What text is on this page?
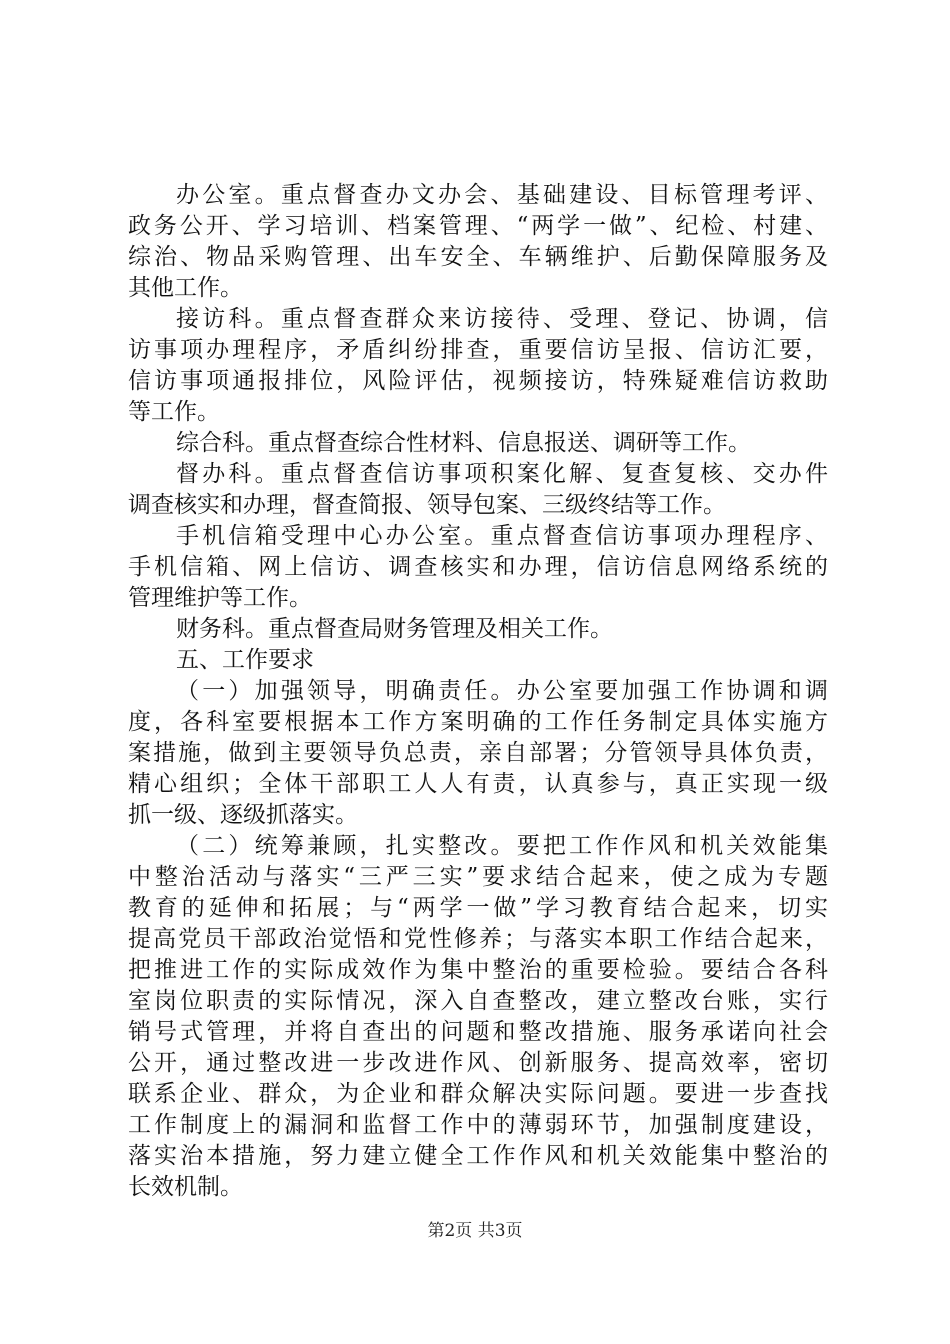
办公室。重点督查办文办会、基础建设、目标管理考评、
政务公开、学习培训、档案管理、“两学一做”、纪检、村建、
综治、物品采购管理、出车安全、车辆维护、后勤保障服务及
其他工作。
接访科。重点督查群众来访接待、受理、登记、协调，信
访事项办理程序，矛盾纠纷排查，重要信访呈报、信访汇要，
信访事项通报排位，风险评估，视频接访，特殊疑难信访救助
等工作。
综合科。重点督查综合性材料、信息报送、调研等工作。
督办科。重点督查信访事项积案化解、复查复核、交办件
调查核实和办理，督查简报、领导包案、三级终结等工作。
手机信箱受理中心办公室。重点督查信访事项办理程序、
手机信箱、网上信访、调查核实和办理，信访信息网络系统的
管理维护等工作。
财务科。重点督查局财务管理及相关工作。
五、工作要求
（一）加强领导，明确责任。办公室要加强工作协调和调
度，各科室要根据本工作方案明确的工作任务制定具体实施方
案措施，做到主要领导负总责，亲自部署；分管领导具体负责，
精心组织；全体干部职工人人有责，认真参与，真正实现一级
抓一级、逐级抓落实。
（二）统筹兼顾，扎实整改。要把工作作风和机关效能集
中整治活动与落实“三严三实”要求结合起来，使之成为专题
教育的延伸和拓展；与“两学一做”学习教育结合起来，切实
提高党员干部政治觉悟和党性修养；与落实本职工作结合起来，
把推进工作的实际成效作为集中整治的重要检验。要结合各科
室岗位职责的实际情况，深入自查整改，建立整改台账，实行
销号式管理，并将自查出的问题和整改措施、服务承诺向社会
公开，通过整改进一步改进作风、创新服务、提高效率，密切
联系企业、群众，为企业和群众解决实际问题。要进一步查找
工作制度上的漏洞和监督工作中的薄弱环节，加强制度建设，
落实治本措施，努力建立健全工作作风和机关效能集中整治的
长效机制。
第2页 共3页
